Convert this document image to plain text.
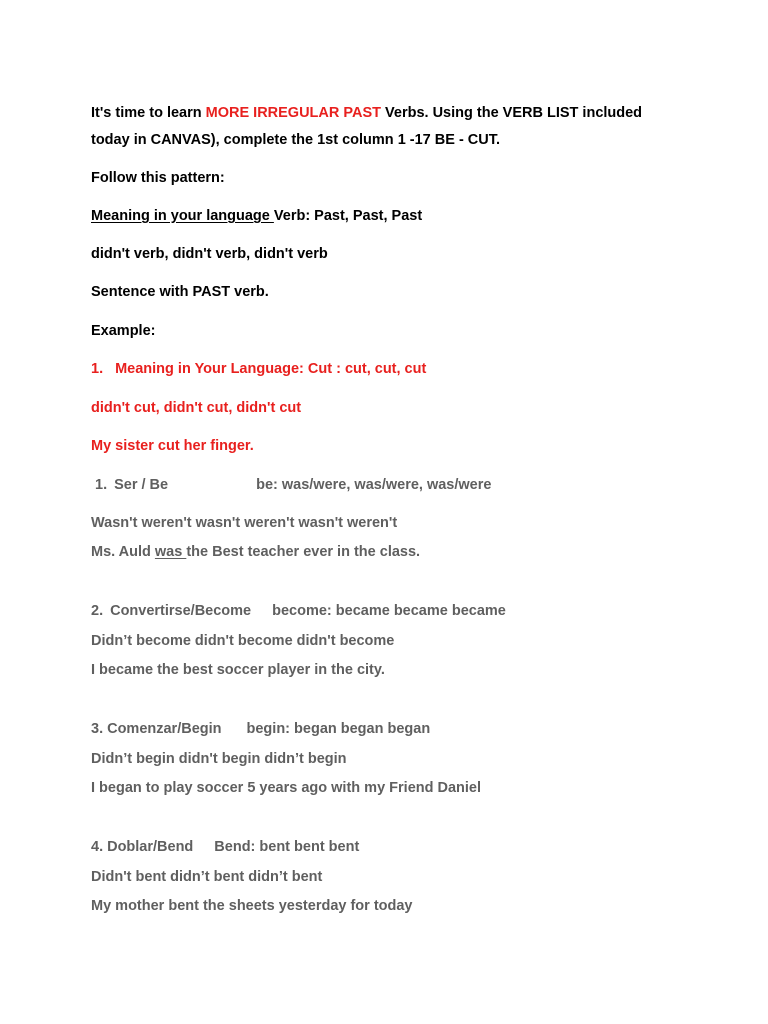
It's time to learn MORE IRREGULAR PAST Verbs. Using the VERB LIST included

today in CANVAS), complete the 1st column 1 -17 BE - CUT.

Follow this pattern:

Meaning in your language Verb: Past, Past, Past

didn't verb, didn't verb, didn't verb

Sentence with PAST verb.

Example:

1. Meaning in Your Language: Cut : cut, cut, cut

didn't cut, didn't cut, didn't cut

My sister cut her finger.

1. Ser / Be	be: was/were, was/were, was/were

Wasn't weren't wasn't weren't wasn't weren't

Ms. Auld was the Best teacher ever in the class.

2. Convertirse/Become become: became became became

Didn’t become didn't become didn't become

I became the best soccer player in the city.

3. Comenzar/Begin begin: began began began

Didn’t begin didn't begin didn’t begin

I began to play soccer 5 years ago with my Friend Daniel

4. Doblar/Bend Bend: bent bent bent

Didn't bent didn’t bent didn’t bent

My mother bent the sheets yesterday for today
